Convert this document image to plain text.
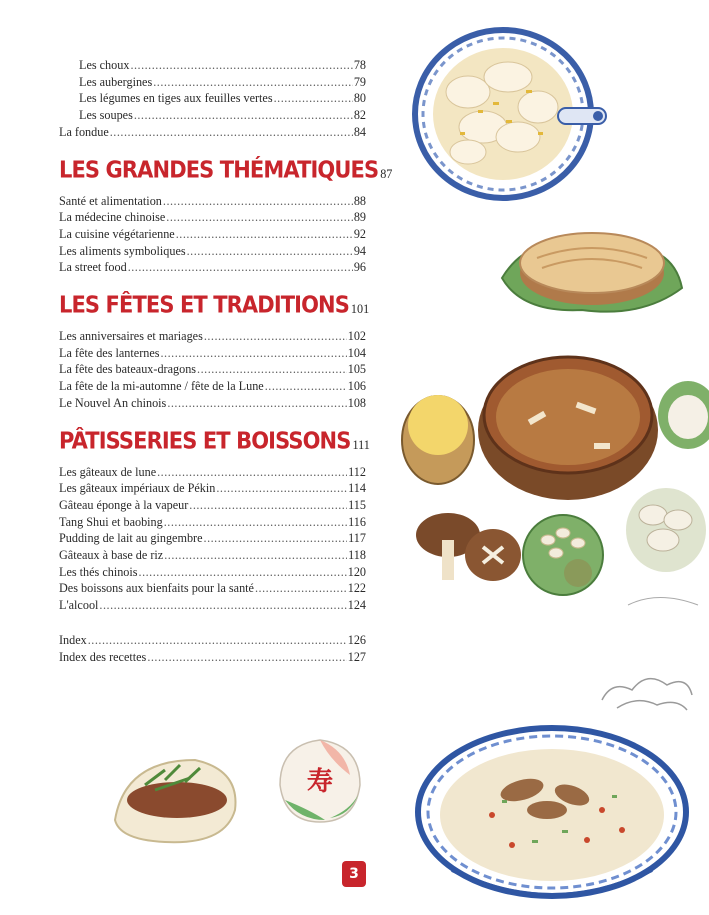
Les choux .....	78
Les aubergines .....	79
Les légumes en tiges aux feuilles vertes .....	80
Les soupes .....	82
La fondue .....	84
LES GRANDES THÉMATIQUES 87
Santé et alimentation .....	88
La médecine chinoise .....	89
La cuisine végétarienne .....	92
Les aliments symboliques .....	94
La street food .....	96
LES FÊTES ET TRADITIONS 101
Les anniversaires et mariages .....	102
La fête des lanternes .....	104
La fête des bateaux-dragons .....	105
La fête de la mi-automne / fête de la Lune .....	106
Le Nouvel An chinois .....	108
PÂTISSERIES ET BOISSONS 111
Les gâteaux de lune .....	112
Les gâteaux impériaux de Pékin .....	114
Gâteau éponge à la vapeur .....	115
Tang Shui et baobing .....	116
Pudding de lait au gingembre .....	117
Gâteaux à base de riz .....	118
Les thés chinois .....	120
Des boissons aux bienfaits pour la santé .....	122
L'alcool .....	124
Index .....	126
Index des recettes .....	127
寿
3
